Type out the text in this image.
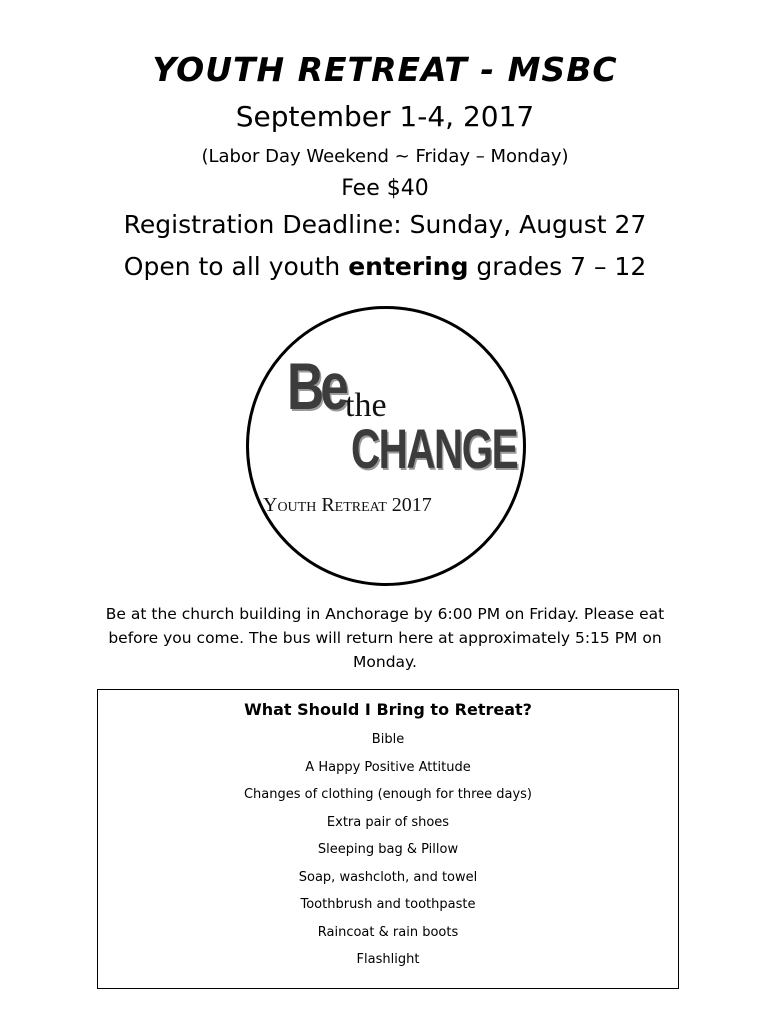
YOUTH RETREAT - MSBC
September 1-4, 2017
(Labor Day Weekend ~ Friday – Monday)
Fee $40
Registration Deadline: Sunday, August 27
Open to all youth entering grades 7 – 12
Be the
CHANGE
Youth Retreat 2017
Be at the church building in Anchorage by 6:00 PM on Friday. Please eat before you come. The bus will return here at approximately 5:15 PM on Monday.
What Should I Bring to Retreat?
Bible
A Happy Positive Attitude
Changes of clothing (enough for three days)
Extra pair of shoes
Sleeping bag & Pillow
Soap, washcloth, and towel
Toothbrush and toothpaste
Raincoat & rain boots
Flashlight
